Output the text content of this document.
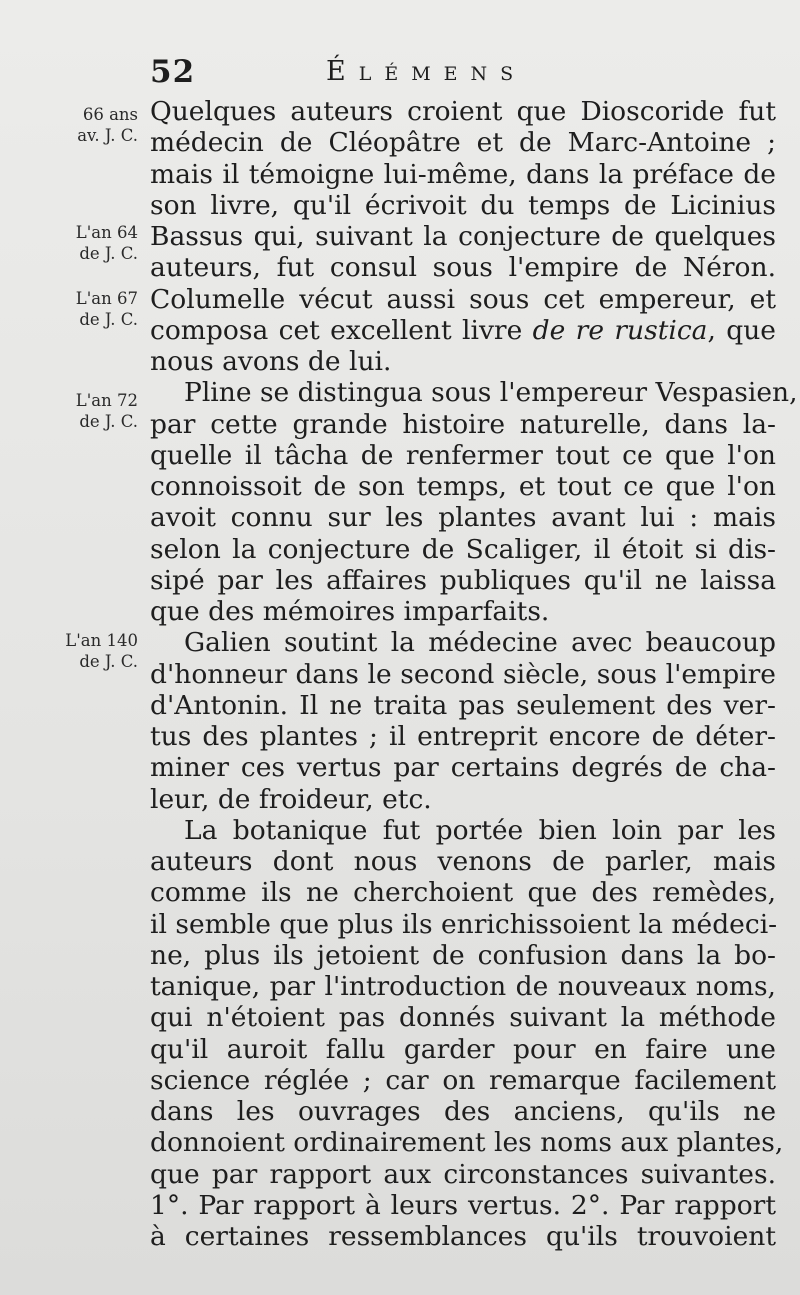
52	Élémens
66 ans
av. J. C.
L'an 64
de J. C.
L'an 67
de J. C.
L'an 72
de J. C.
L'an 140
de J. C.
Quelques auteurs croient que Dioscoride fut
médecin de Cléopâtre et de Marc-Antoine ;
mais il témoigne lui-même, dans la préface de
son livre, qu'il écrivoit du temps de Licinius
Bassus qui, suivant la conjecture de quelques
auteurs, fut consul sous l'empire de Néron.
Columelle vécut aussi sous cet empereur, et
composa cet excellent livre de re rustica, que
nous avons de lui.
Pline se distingua sous l'empereur Vespasien,
par cette grande histoire naturelle, dans la-
quelle il tâcha de renfermer tout ce que l'on
connoissoit de son temps, et tout ce que l'on
avoit connu sur les plantes avant lui : mais
selon la conjecture de Scaliger, il étoit si dis-
sipé par les affaires publiques qu'il ne laissa
que des mémoires imparfaits.
Galien soutint la médecine avec beaucoup
d'honneur dans le second siècle, sous l'empire
d'Antonin. Il ne traita pas seulement des ver-
tus des plantes ; il entreprit encore de déter-
miner ces vertus par certains degrés de cha-
leur, de froideur, etc.
La botanique fut portée bien loin par les
auteurs dont nous venons de parler, mais
comme ils ne cherchoient que des remèdes,
il semble que plus ils enrichissoient la médeci-
ne, plus ils jetoient de confusion dans la bo-
tanique, par l'introduction de nouveaux noms,
qui n'étoient pas donnés suivant la méthode
qu'il auroit fallu garder pour en faire une
science réglée ; car on remarque facilement
dans les ouvrages des anciens, qu'ils ne
donnoient ordinairement les noms aux plantes,
que par rapport aux circonstances suivantes.
1°. Par rapport à leurs vertus. 2°. Par rapport
à certaines ressemblances qu'ils trouvoient
